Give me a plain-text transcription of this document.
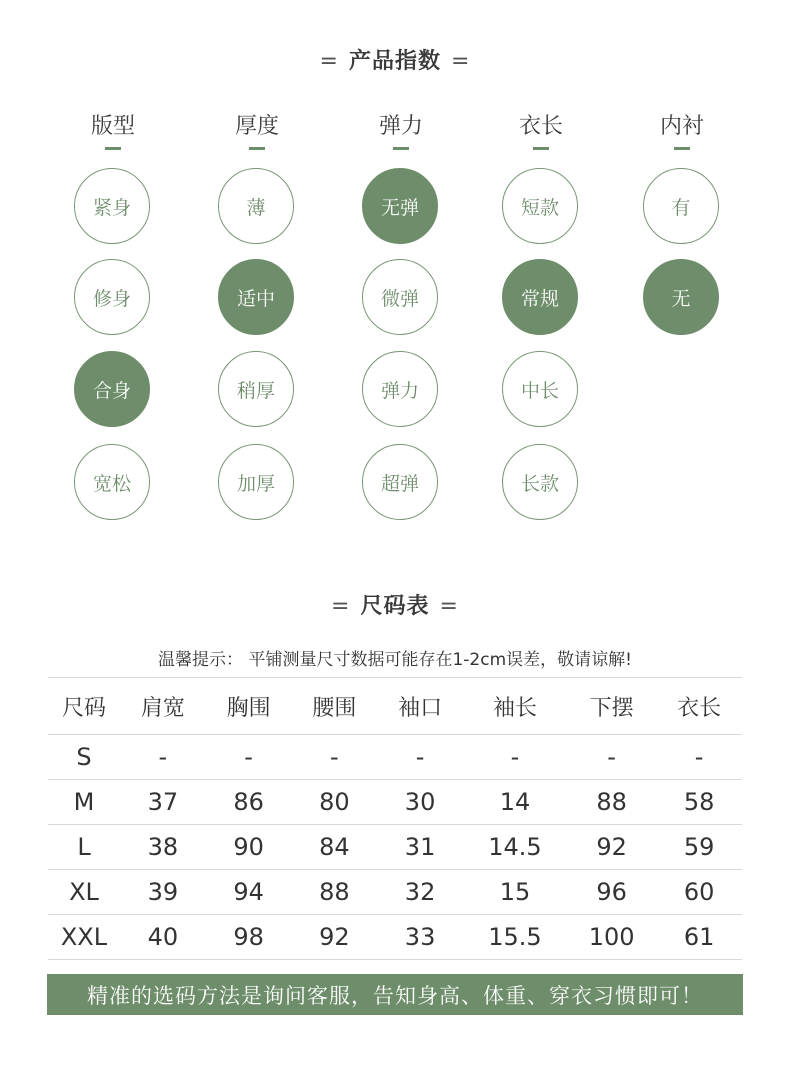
= 产品指数 =
版型
紧身
修身
合身
宽松
厚度
薄
适中
稍厚
加厚
弹力
无弹
微弹
弹力
超弹
衣长
短款
常规
中长
长款
内衬
有
无
= 尺码表 =
温馨提示： 平铺测量尺寸数据可能存在1-2cm误差，敬请谅解!
尺码	肩宽	胸围	腰围	袖口	袖长	下摆	衣长
S	-	-	-	-	-	-	-
M	37	86	80	30	14	88	58
L	38	90	84	31	14.5	92	59
XL	39	94	88	32	15	96	60
XXL	40	98	92	33	15.5	100	61
精准的选码方法是询问客服，告知身高、体重、穿衣习惯即可！
